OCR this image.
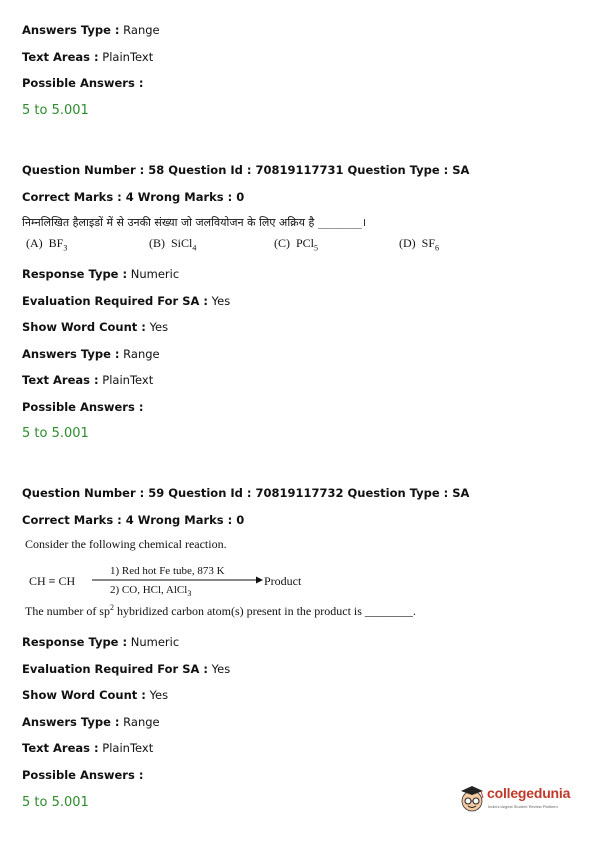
Answers Type : Range
Text Areas : PlainText
Possible Answers :
5 to 5.001
Question Number : 58 Question Id : 70819117731 Question Type : SA
Correct Marks : 4 Wrong Marks : 0
निम्नलिखित हैलाइडों में से उनकी संख्या जो जलवियोजन के लिए अक्रिय है ________।
(A) $BF_3$	(B) SiCl$_4$	(C) PCl$_5$	(D) $SF_6$
Response Type : Numeric
Evaluation Required For SA : Yes
Show Word Count : Yes
Answers Type : Range
Text Areas : PlainText
Possible Answers :
5 to 5.001
Question Number : 59 Question Id : 70819117732 Question Type : SA
Correct Marks : 4 Wrong Marks : 0
Consider the following chemical reaction.
CH ≡ CH
1) Red hot Fe tube, 873 K
2) CO, HCl, AlCl$_3$
Product
The number of $sp^2$ hybridized carbon atom(s) present in the product is ________.
Response Type : Numeric
Evaluation Required For SA : Yes
Show Word Count : Yes
Answers Type : Range
Text Areas : PlainText
Possible Answers :
5 to 5.001
collegedunia
India's largest Student Review Platform
